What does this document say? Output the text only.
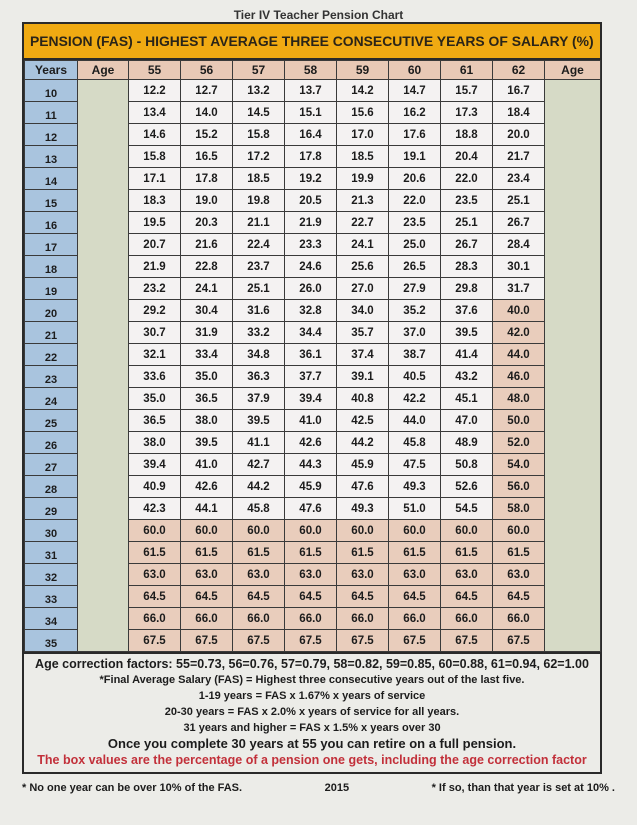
Tier IV Teacher Pension Chart
PENSION (FAS) - HIGHEST AVERAGE THREE CONSECUTIVE YEARS OF SALARY (%)
Years	Age	55	56	57	58	59	60	61	62	Age
10		12.2	12.7	13.2	13.7	14.2	14.7	15.7	16.7	
11		13.4	14.0	14.5	15.1	15.6	16.2	17.3	18.4	
12		14.6	15.2	15.8	16.4	17.0	17.6	18.8	20.0	
13		15.8	16.5	17.2	17.8	18.5	19.1	20.4	21.7	
14		17.1	17.8	18.5	19.2	19.9	20.6	22.0	23.4	
15		18.3	19.0	19.8	20.5	21.3	22.0	23.5	25.1	
16		19.5	20.3	21.1	21.9	22.7	23.5	25.1	26.7	
17		20.7	21.6	22.4	23.3	24.1	25.0	26.7	28.4	
18		21.9	22.8	23.7	24.6	25.6	26.5	28.3	30.1	
19		23.2	24.1	25.1	26.0	27.0	27.9	29.8	31.7	
20		29.2	30.4	31.6	32.8	34.0	35.2	37.6	40.0	
21		30.7	31.9	33.2	34.4	35.7	37.0	39.5	42.0	
22		32.1	33.4	34.8	36.1	37.4	38.7	41.4	44.0	
23		33.6	35.0	36.3	37.7	39.1	40.5	43.2	46.0	
24		35.0	36.5	37.9	39.4	40.8	42.2	45.1	48.0	
25		36.5	38.0	39.5	41.0	42.5	44.0	47.0	50.0	
26		38.0	39.5	41.1	42.6	44.2	45.8	48.9	52.0	
27		39.4	41.0	42.7	44.3	45.9	47.5	50.8	54.0	
28		40.9	42.6	44.2	45.9	47.6	49.3	52.6	56.0	
29		42.3	44.1	45.8	47.6	49.3	51.0	54.5	58.0	
30		60.0	60.0	60.0	60.0	60.0	60.0	60.0	60.0	
31		61.5	61.5	61.5	61.5	61.5	61.5	61.5	61.5	
32		63.0	63.0	63.0	63.0	63.0	63.0	63.0	63.0	
33		64.5	64.5	64.5	64.5	64.5	64.5	64.5	64.5	
34		66.0	66.0	66.0	66.0	66.0	66.0	66.0	66.0	
35		67.5	67.5	67.5	67.5	67.5	67.5	67.5	67.5	
Age correction factors: 55=0.73, 56=0.76, 57=0.79, 58=0.82, 59=0.85, 60=0.88, 61=0.94, 62=1.00
*Final Average Salary (FAS) = Highest three consecutive years out of the last five.
1-19 years = FAS x 1.67% x years of service
20-30 years = FAS x 2.0% x years of service for all years.
31 years and higher = FAS x 1.5% x years over 30
Once you complete 30 years at 55 you can retire on a full pension.
The box values are the percentage of a pension one gets, including the age correction factor
* No one year can be over 10% of the FAS.	2015	* If so, than that year is set at 10% .
